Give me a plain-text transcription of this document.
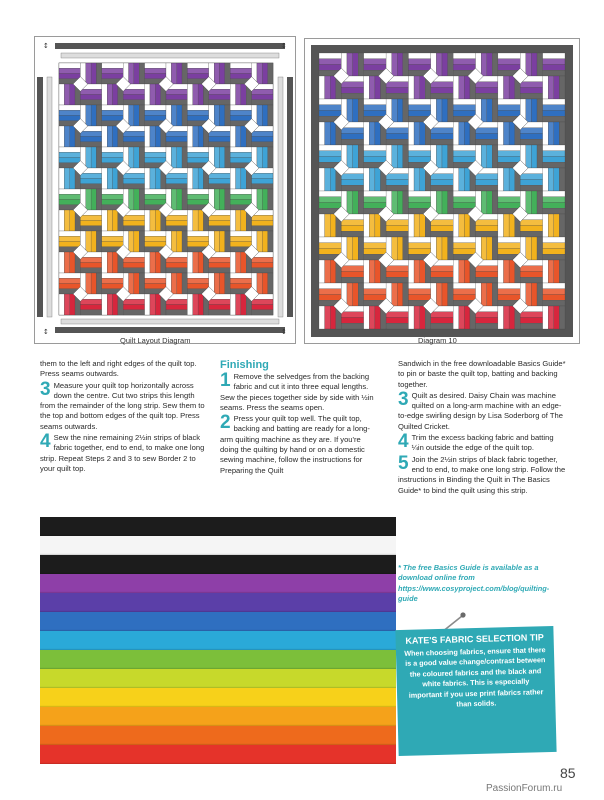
↕	↕
↕	↕
Quilt Layout Diagram	Diagram 10
them to the left and right edges of the quilt top. Press seams outwards.
3 Measure your quilt top horizontally across down the centre. Cut two strips this length from the remainder of the long strip. Sew them to the top and bottom edges of the quilt top. Press seams outwards.
4 Sew the nine remaining 2½in strips of black fabric together, end to end, to make one long strip. Repeat Steps 2 and 3 to sew Border 2 to your quilt top.
Finishing
1 Remove the selvedges from the backing fabric and cut it into three equal lengths. Sew the pieces together side by side with ½in seams. Press the seams open.
2 Press your quilt top well. The quilt top, backing and batting are ready for a long-arm quilting machine as they are. If you're doing the quilting by hand or on a domestic sewing machine, follow the instructions for Preparing the Quilt
Sandwich in the free downloadable Basics Guide* to pin or baste the quilt top, batting and backing together.
3 Quilt as desired. Daisy Chain was machine quilted on a long-arm machine with an edge-to-edge swirling design by Lisa Soderborg of The Quilted Cricket.
4 Trim the excess backing fabric and batting ¼in outside the edge of the quilt top.
5 Join the 2½in strips of black fabric together, end to end, to make one long strip. Follow the instructions in Binding the Quilt in The Basics Guide* to bind the quilt using this strip.
* The free Basics Guide is available as a download online from https://www.cosyproject.com/blog/quilting-guide
KATE'S FABRIC SELECTION TIP
When choosing fabrics, ensure that there is a good value change/contrast between the coloured fabrics and the black and white fabrics. This is especially important if you use print fabrics rather than solids.
85
PassionForum.ru
